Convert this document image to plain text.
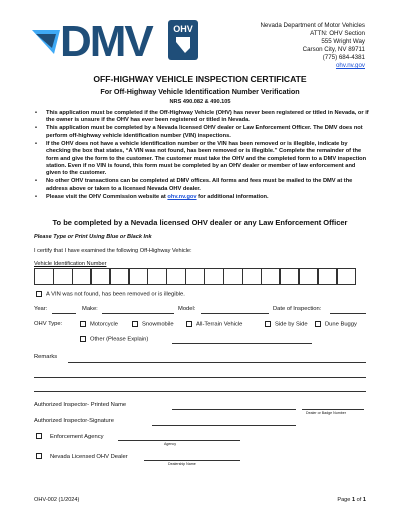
DMV	OHV	Nevada Department of Motor Vehicles
ATTN: OHV Section
555 Wright Way
Carson City, NV 89711
(775) 684-4381
ohv.nv.gov
OFF-HIGHWAY VEHICLE INSPECTION CERTIFICATE
For Off-Highway Vehicle Identification Number Verification
NRS 490.082 & 490.105
• This application must be completed if the Off-Highway Vehicle (OHV) has never been registered or titled in Nevada, or if the owner is unsure if the OHV has ever been registered or titled in Nevada.
• This application must be completed by a Nevada licensed OHV dealer or Law Enforcement Officer. The DMV does not perform off-highway vehicle identification number (VIN) inspections.
• If the OHV does not have a vehicle identification number or the VIN has been removed or is illegible, indicate by checking the box that states, “A VIN was not found, has been removed or is illegible.” Complete the remainder of the form and give the form to the customer. The customer must take the OHV and the completed form to a DMV inspection station. Even if no VIN is found, this form must be completed by an OHV dealer or member of law enforcement and given to the customer.
• No other OHV transactions can be completed at DMV offices. All forms and fees must be mailed to the DMV at the address above or taken to a licensed Nevada OHV dealer.
• Please visit the OHV Commission website at ohv.nv.gov for additional information.
To be completed by a Nevada licensed OHV dealer or any Law Enforcement Officer
Please Type or Print Using Blue or Black Ink
I certify that I have examined the following Off-Highway Vehicle:
Vehicle Identification Number
A VIN was not found, has been removed or is illegible.
Year:	Make:	Model:	Date of Inspection:
OHV Type:	Motorcycle	Snowmobile	All-Terrain Vehicle	Side by Side	Dune Buggy
Other (Please Explain)
Remarks
Authorized Inspector- Printed Name
Dealer or Badge Number
Authorized Inspector-Signature
Enforcement Agency
Agency
Nevada Licensed OHV Dealer
Dealership Name
OHV-002 (1/2024)	Page 1 of 1
